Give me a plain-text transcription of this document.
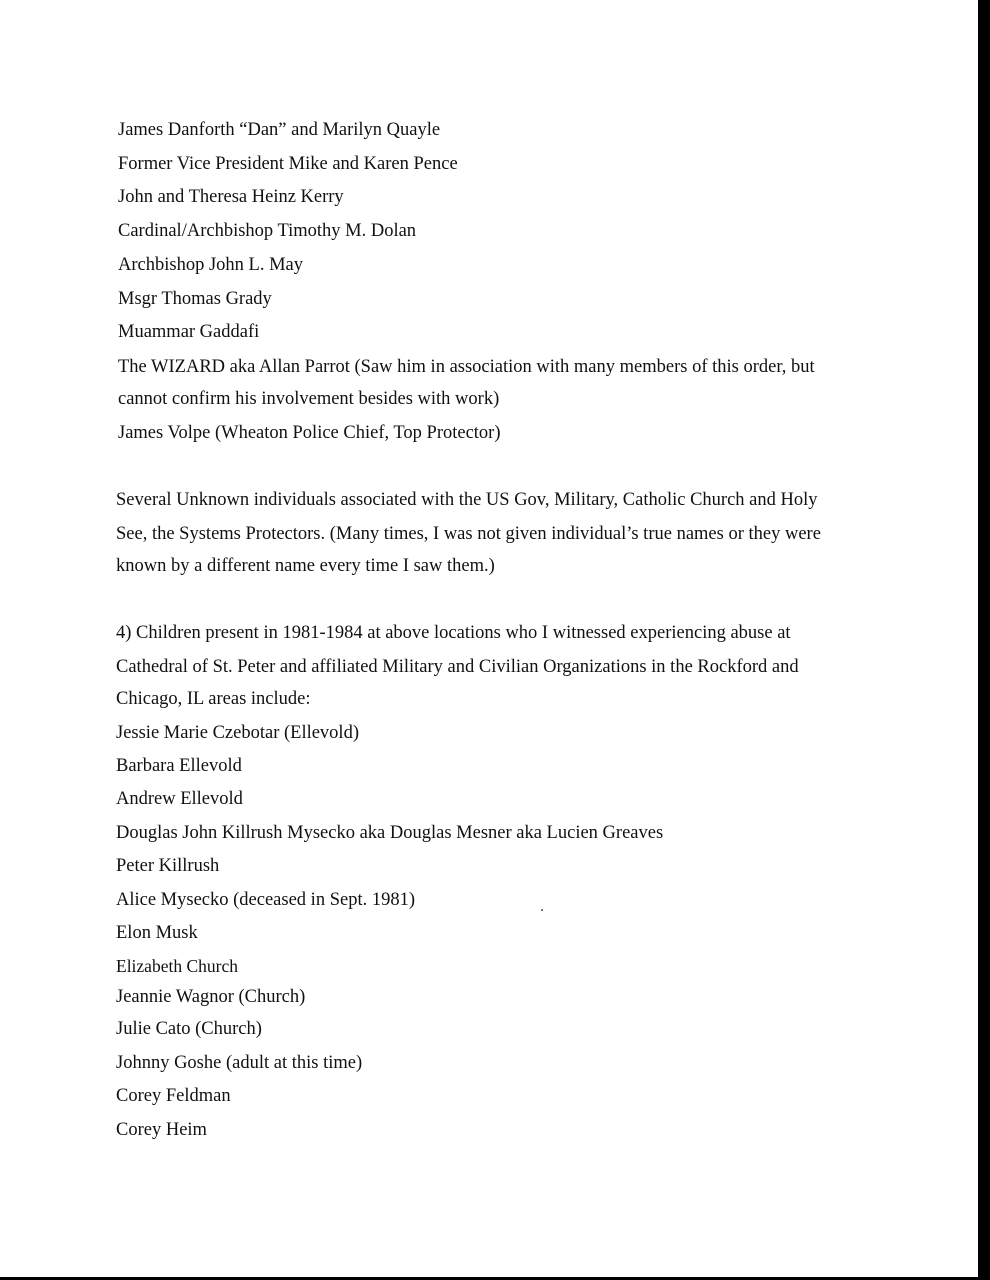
James Danforth “Dan” and Marilyn Quayle

Former Vice President Mike and Karen Pence

John and Theresa Heinz Kerry

Cardinal/Archbishop Timothy M. Dolan

Archbishop John L. May

Msgr Thomas Grady

Muammar Gaddafi

The WIZARD aka Allan Parrot (Saw him in association with many members of this order, but

cannot confirm his involvement besides with work)

James Volpe (Wheaton Police Chief, Top Protector)

Several Unknown individuals associated with the US Gov, Military, Catholic Church and Holy

See, the Systems Protectors. (Many times, I was not given individual’s true names or they were

known by a different name every time I saw them.)

4) Children present in 1981-1984 at above locations who I witnessed experiencing abuse at

Cathedral of St. Peter and affiliated Military and Civilian Organizations in the Rockford and

Chicago, IL areas include:

Jessie Marie Czebotar (Ellevold)

Barbara Ellevold

Andrew Ellevold

Douglas John Killrush Mysecko aka Douglas Mesner aka Lucien Greaves

Peter Killrush

Alice Mysecko (deceased in Sept. 1981)

Elon Musk

Elizabeth Church

Jeannie Wagnor (Church)

Julie Cato (Church)

Johnny Goshe (adult at this time)

Corey Feldman

Corey Heim
